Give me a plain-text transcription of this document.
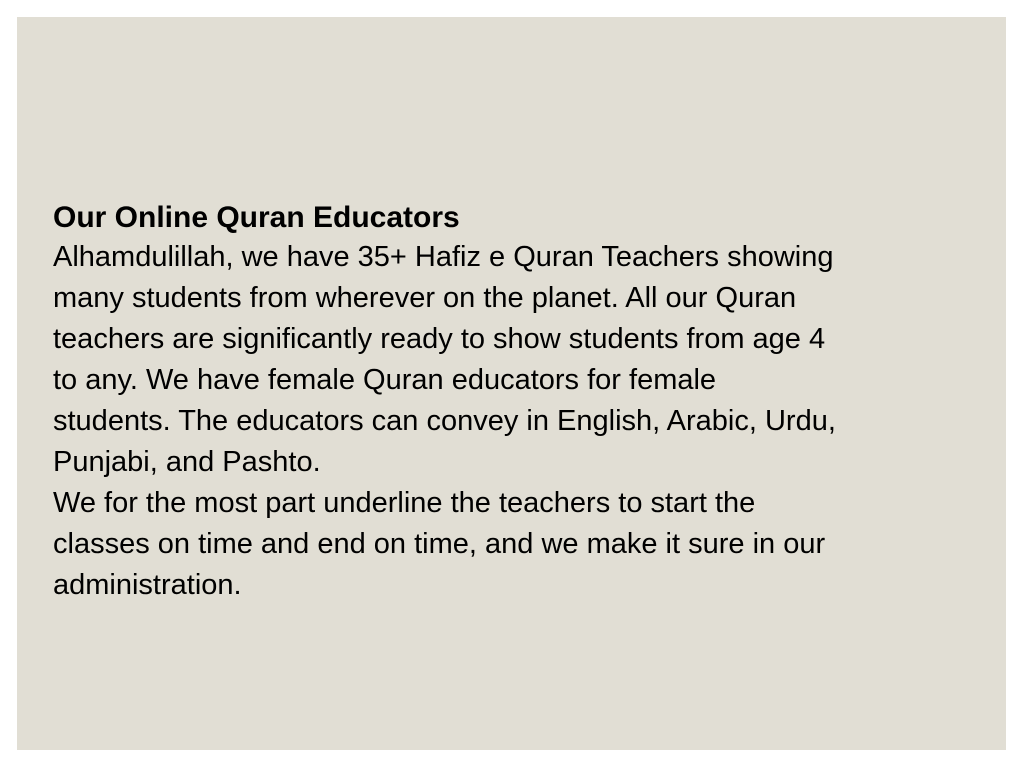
Our Online Quran Educators

Alhamdulillah, we have 35+ Hafiz e Quran Teachers showing
many students from wherever on the planet. All our Quran
teachers are significantly ready to show students from age 4
to any. We have female Quran educators for female
students. The educators can convey in English, Arabic, Urdu,
Punjabi, and Pashto.

We for the most part underline the teachers to start the
classes on time and end on time, and we make it sure in our
administration.
